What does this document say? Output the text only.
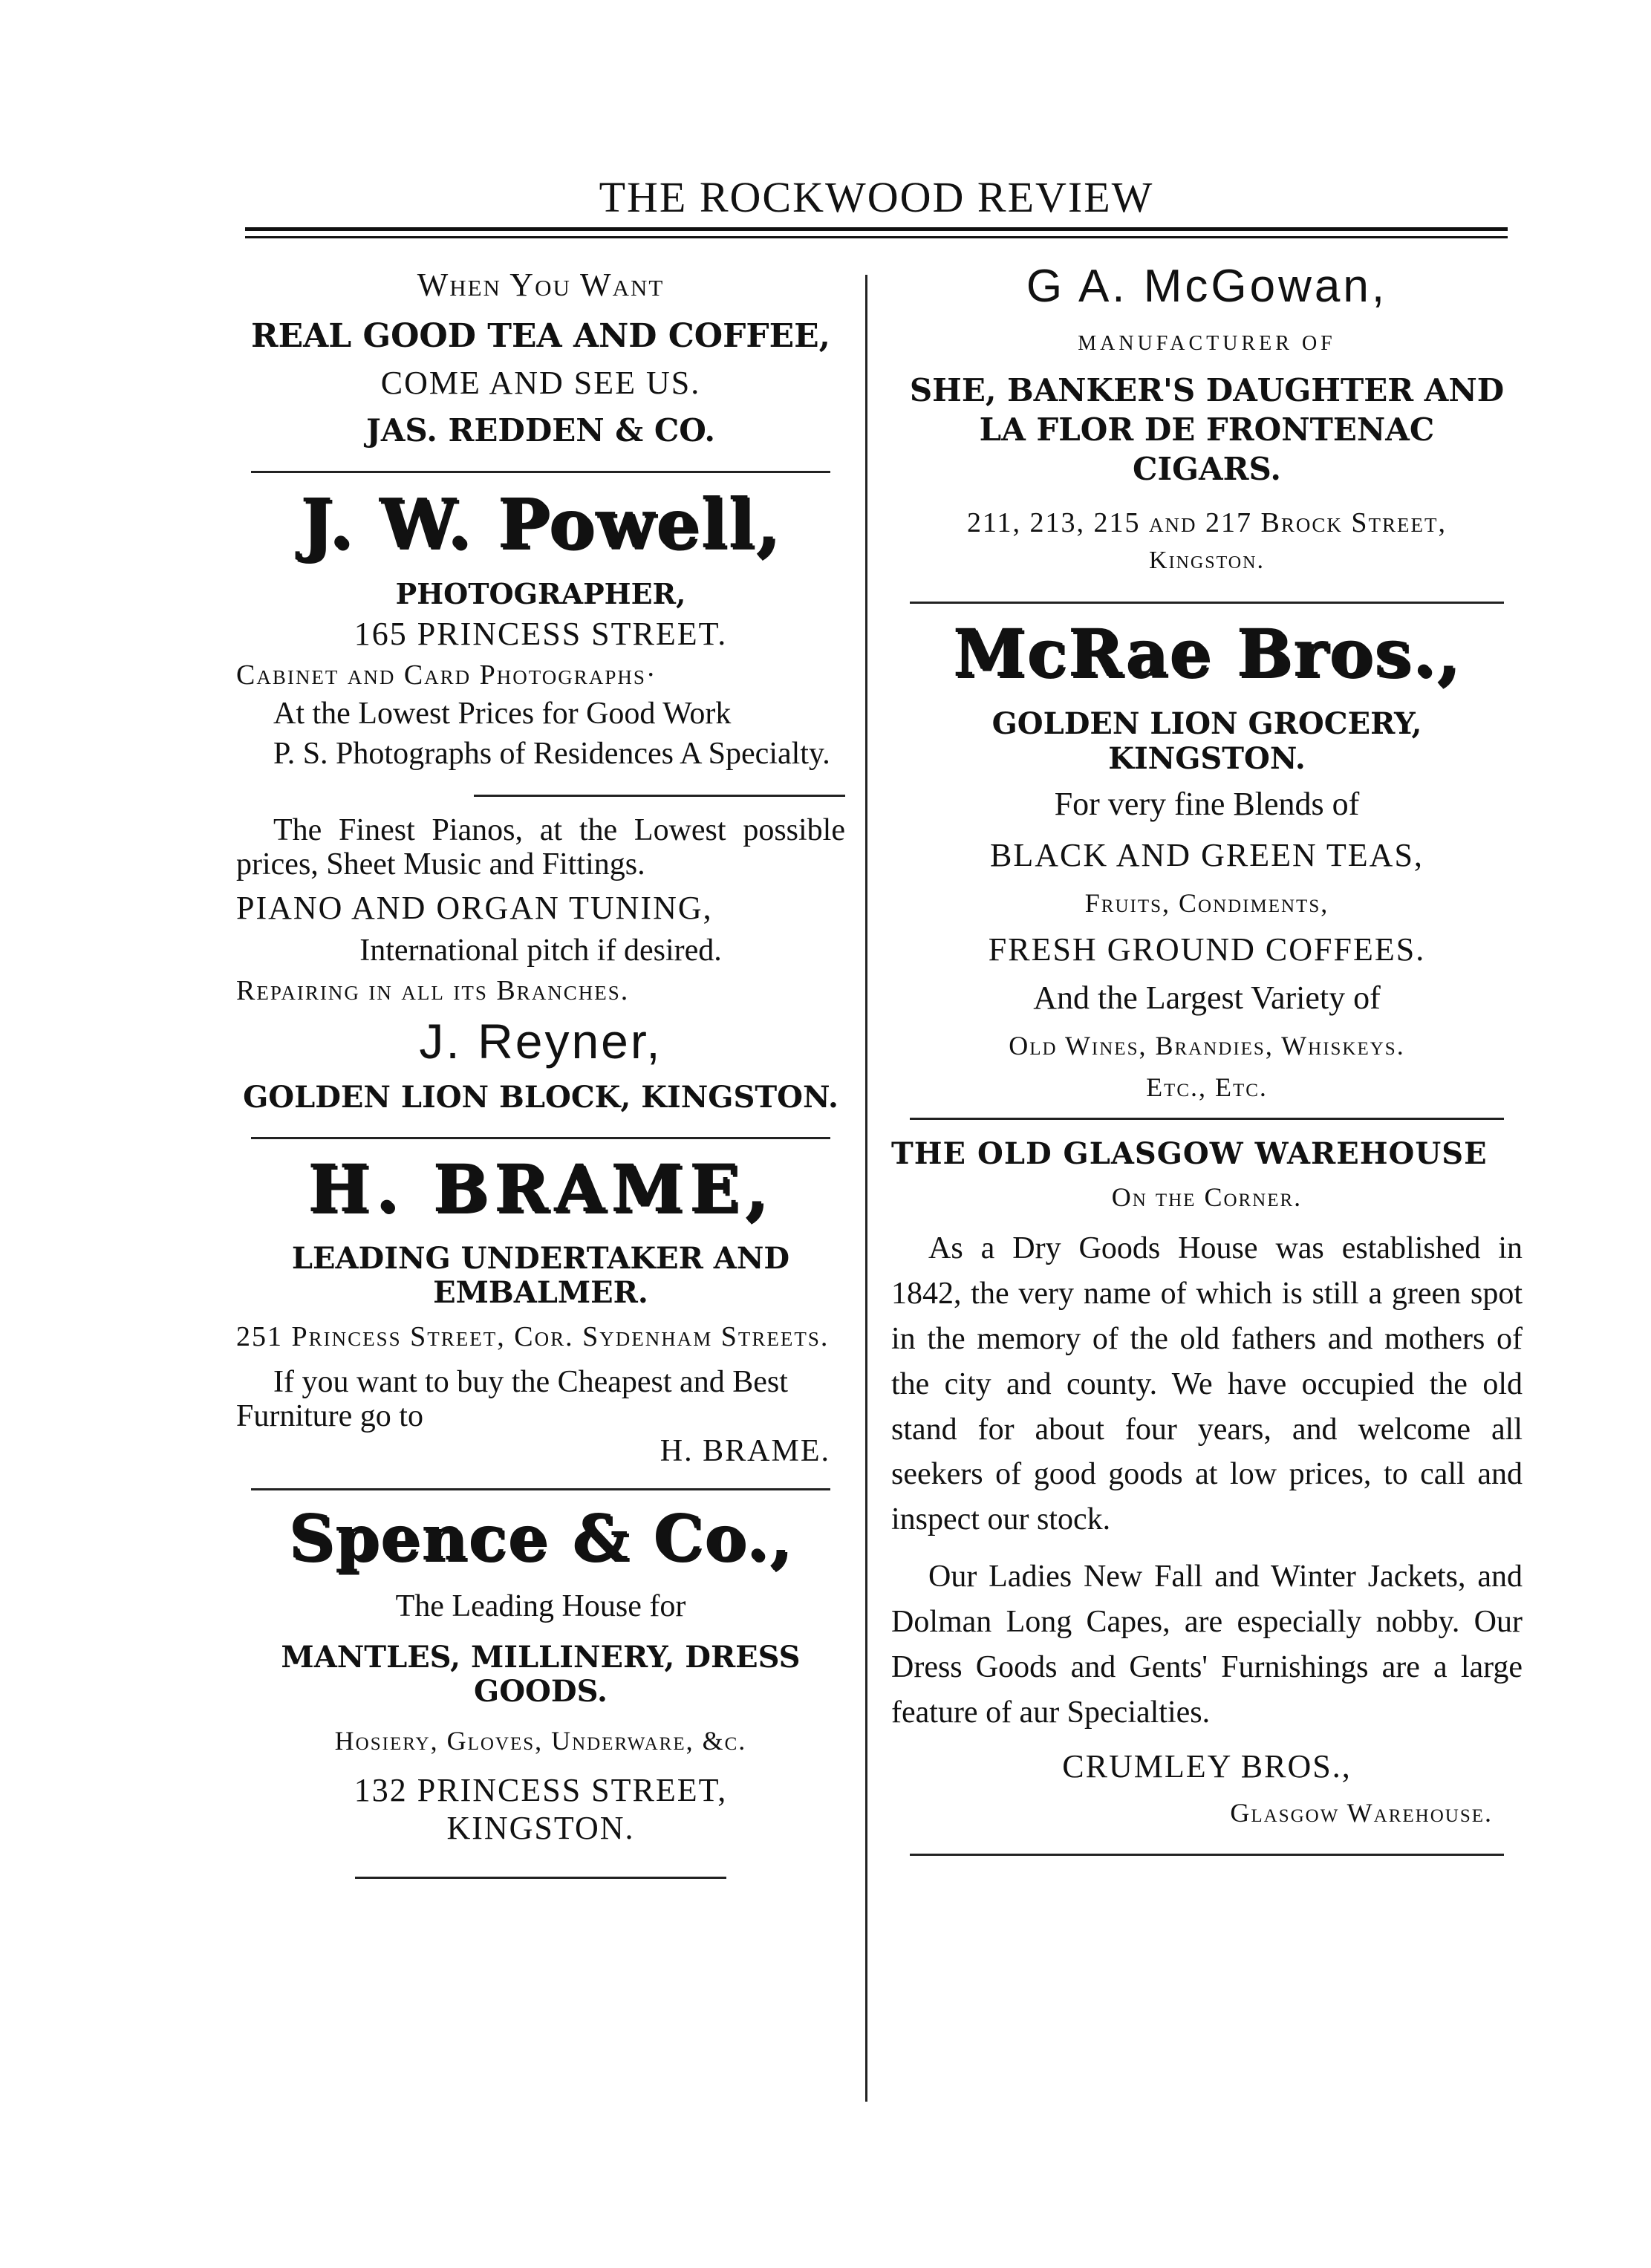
THE ROCKWOOD REVIEW

When You Want

REAL GOOD TEA AND COFFEE,

COME AND SEE US.

JAS. REDDEN & CO.

J. W. Powell,

PHOTOGRAPHER,

165 PRINCESS STREET.

Cabinet and Card Photographs·

At the Lowest Prices for Good Work

P. S. Photographs of Residences A Specialty.

The Finest Pianos, at the Lowest possible prices, Sheet Music and Fittings.

PIANO AND ORGAN TUNING,

International pitch if desired.

Repairing in all its Branches.

J. Reyner,

GOLDEN LION BLOCK, KINGSTON.

H. BRAME,

LEADING UNDERTAKER AND EMBALMER.

251 Princess Street, Cor. Sydenham Streets.

If you want to buy the Cheapest and Best Furniture go to

H. BRAME.

Spence & Co.,

The Leading House for

MANTLES, MILLINERY, DRESS GOODS.

Hosiery, Gloves, Underware, &c.

132 PRINCESS STREET,

KINGSTON.

G A. McGowan,

MANUFACTURER OF

SHE, BANKER'S DAUGHTER AND

LA FLOR DE FRONTENAC

CIGARS.

211, 213, 215 and 217 Brock Street,

Kingston.

McRae Bros.,

GOLDEN LION GROCERY, KINGSTON.

For very fine Blends of

BLACK AND GREEN TEAS,

Fruits, Condiments,

FRESH GROUND COFFEES.

And the Largest Variety of

Old Wines, Brandies, Whiskeys.

Etc., Etc.

THE OLD GLASGOW WAREHOUSE

On the Corner.

As a Dry Goods House was established in 1842, the very name of which is still a green spot in the memory of the old fathers and mothers of the city and county. We have occupied the old stand for about four years, and welcome all seekers of good goods at low prices, to call and inspect our stock.

Our Ladies New Fall and Winter Jackets, and Dolman Long Capes, are especially nobby. Our Dress Goods and Gents' Furnishings are a large feature of aur Specialties.

CRUMLEY BROS.,

Glasgow Warehouse.
